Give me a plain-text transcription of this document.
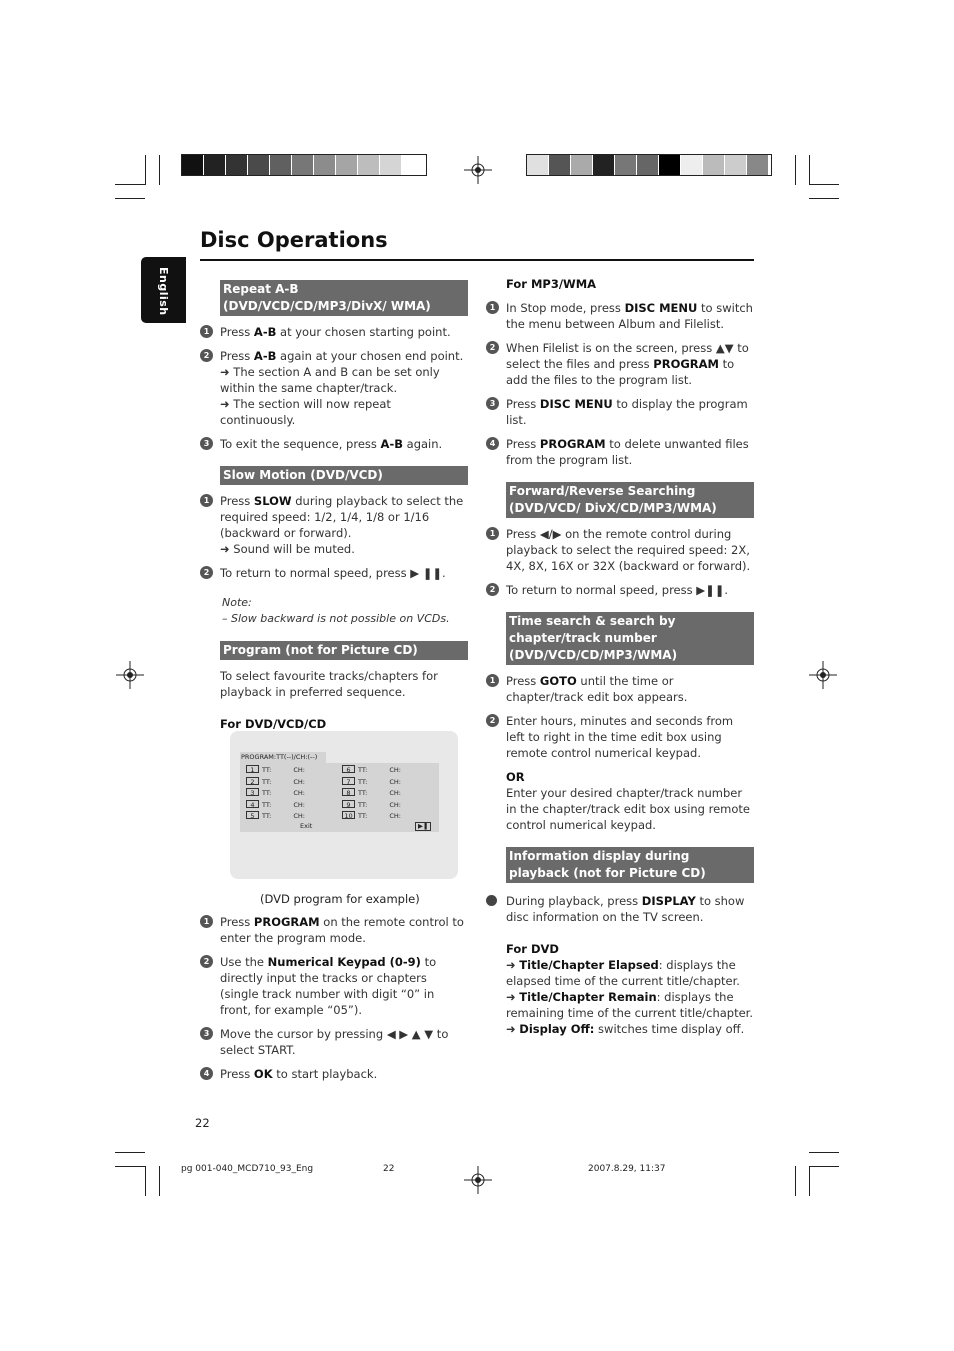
English
Disc Operations
Repeat A-B (DVD/VCD/CD/MP3/DivX/ WMA)
1 Press A-B at your chosen starting point.
2 Press A-B again at your chosen end point.
➜ The section A and B can be set only within the same chapter/track.
➜ The section will now repeat continuously.
3 To exit the sequence, press A-B again.
Slow Motion (DVD/VCD)
1 Press SLOW during playback to select the required speed: 1/2, 1/4, 1/8 or 1/16 (backward or forward).
➜ Sound will be muted.
2 To return to normal speed, press ▶ ❚❚.
Note:
– Slow backward is not possible on VCDs.
Program (not for Picture CD)
To select favourite tracks/chapters for playback in preferred sequence.
For DVD/VCD/CD
PROGRAM:TT(--)/CH:(--)
1 TT:	CH:	6 TT:	CH:
2 TT:	CH:	7 TT:	CH:
3 TT:	CH:	8 TT:	CH:
4 TT:	CH:	9 TT:	CH:
5 TT:	CH:	10 TT:	CH:
Exit	▶❚
(DVD program for example)
1 Press PROGRAM on the remote control to enter the program mode.
2 Use the Numerical Keypad (0-9) to directly input the tracks or chapters (single track number with digit “0” in front, for example “05”).
3 Move the cursor by pressing ◀ ▶ ▲ ▼ to select START.
4 Press OK to start playback.
For MP3/WMA
1 In Stop mode, press DISC MENU to switch the menu between Album and Filelist.
2 When Filelist is on the screen, press ▲▼ to select the files and press PROGRAM to add the files to the program list.
3 Press DISC MENU to display the program list.
4 Press PROGRAM to delete unwanted files from the program list.
Forward/Reverse Searching (DVD/VCD/ DivX/CD/MP3/WMA)
1 Press ◀/▶ on the remote control during playback to select the required speed: 2X, 4X, 8X, 16X or 32X (backward or forward).
2 To return to normal speed, press ▶❚❚.
Time search & search by chapter/track number (DVD/VCD/CD/MP3/WMA)
1 Press GOTO until the time or chapter/track edit box appears.
2 Enter hours, minutes and seconds from left to right in the time edit box using remote control numerical keypad.
OR
Enter your desired chapter/track number in the chapter/track edit box using remote control numerical keypad.
Information display during playback (not for Picture CD)
During playback, press DISPLAY to show disc information on the TV screen.
For DVD
➜ Title/Chapter Elapsed: displays the elapsed time of the current title/chapter.
➜ Title/Chapter Remain: displays the remaining time of the current title/chapter.
➜ Display Off: switches time display off.
22
pg 001-040_MCD710_93_Eng	22	2007.8.29, 11:37
